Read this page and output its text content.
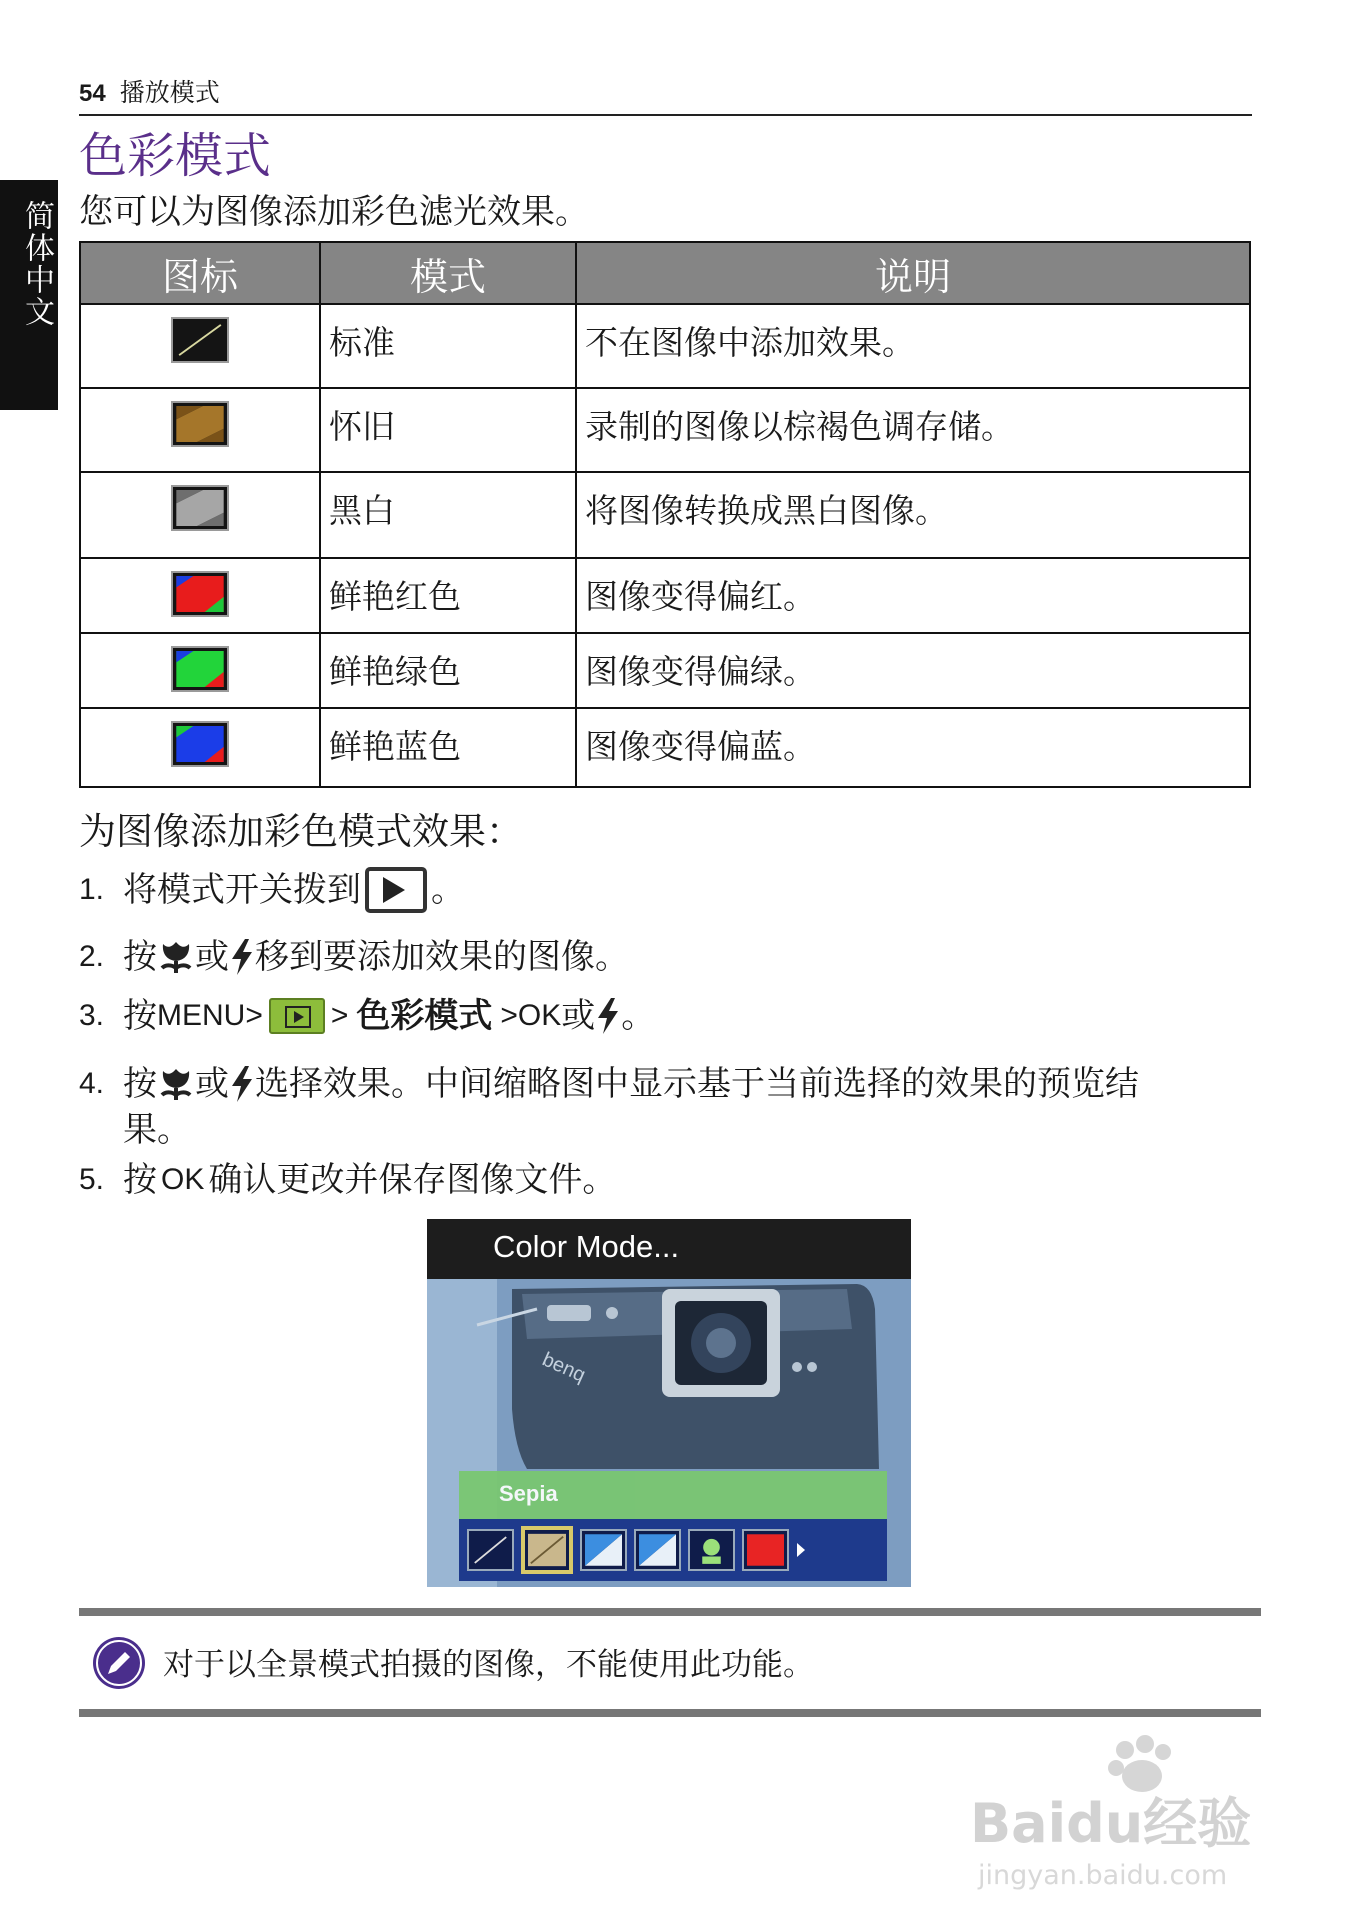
54 播放模式
简体中文
色彩模式
您可以为图像添加彩色滤光效果。
图标	模式	说明

	标准	不在图像中添加效果。

	怀旧	录制的图像以棕褐色调存储。

	黑白	将图像转换成黑白图像。

	鲜艳红色	图像变得偏红。

	鲜艳绿色	图像变得偏绿。

	鲜艳蓝色	图像变得偏蓝。
为图像添加彩色模式效果：
1. 将模式开关拨到 。
2. 按 或 移到要添加效果的图像。
3. 按 MENU> > 色彩模式 >OK 或 。
4. 按 或 选择效果。中间缩略图中显示基于当前选择的效果的预览结
果。
5. 按 OK 确认更改并保存图像文件。
benq
Color Mode...
Sepia
对于以全景模式拍摄的图像，不能使用此功能。
Baidu经验
jingyan.baidu.com
